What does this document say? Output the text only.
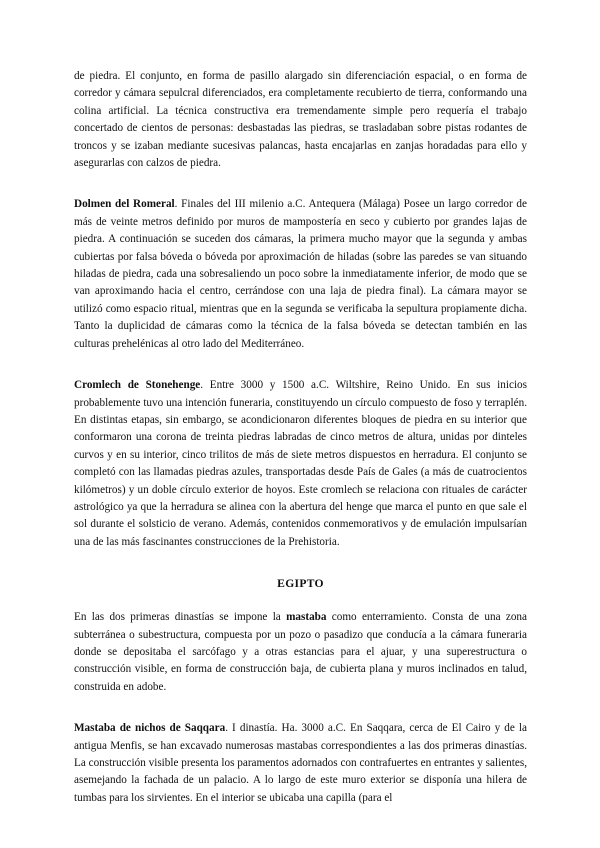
de piedra. El conjunto, en forma de pasillo alargado sin diferenciación espacial, o en forma de corredor y cámara sepulcral diferenciados, era completamente recubierto de tierra, conformando una colina artificial. La técnica constructiva era tremendamente simple pero requería el trabajo concertado de cientos de personas: desbastadas las piedras, se trasladaban sobre pistas rodantes de troncos y se izaban mediante sucesivas palancas, hasta encajarlas en zanjas horadadas para ello y asegurarlas con calzos de piedra.

Dolmen del Romeral. Finales del III milenio a.C. Antequera (Málaga) Posee un largo corredor de más de veinte metros definido por muros de mampostería en seco y cubierto por grandes lajas de piedra. A continuación se suceden dos cámaras, la primera mucho mayor que la segunda y ambas cubiertas por falsa bóveda o bóveda por aproximación de hiladas (sobre las paredes se van situando hiladas de piedra, cada una sobresaliendo un poco sobre la inmediatamente inferior, de modo que se van aproximando hacia el centro, cerrándose con una laja de piedra final). La cámara mayor se utilizó como espacio ritual, mientras que en la segunda se verificaba la sepultura propiamente dicha. Tanto la duplicidad de cámaras como la técnica de la falsa bóveda se detectan también en las culturas prehelénicas al otro lado del Mediterráneo.

Cromlech de Stonehenge. Entre 3000 y 1500 a.C. Wiltshire, Reino Unido. En sus inicios probablemente tuvo una intención funeraria, constituyendo un círculo compuesto de foso y terraplén. En distintas etapas, sin embargo, se acondicionaron diferentes bloques de piedra en su interior que conformaron una corona de treinta piedras labradas de cinco metros de altura, unidas por dinteles curvos y en su interior, cinco trilitos de más de siete metros dispuestos en herradura. El conjunto se completó con las llamadas piedras azules, transportadas desde País de Gales (a más de cuatrocientos kilómetros) y un doble círculo exterior de hoyos. Este cromlech se relaciona con rituales de carácter astrológico ya que la herradura se alinea con la abertura del henge que marca el punto en que sale el sol durante el solsticio de verano. Además, contenidos conmemorativos y de emulación impulsarían una de las más fascinantes construcciones de la Prehistoria.

EGIPTO

En las dos primeras dinastías se impone la mastaba como enterramiento. Consta de una zona subterránea o subestructura, compuesta por un pozo o pasadizo que conducía a la cámara funeraria donde se depositaba el sarcófago y a otras estancias para el ajuar, y una superestructura o construcción visible, en forma de construcción baja, de cubierta plana y muros inclinados en talud, construida en adobe.

Mastaba de nichos de Saqqara. I dinastía. Ha. 3000 a.C. En Saqqara, cerca de El Cairo y de la antigua Menfis, se han excavado numerosas mastabas correspondientes a las dos primeras dinastías. La construcción visible presenta los paramentos adornados con contrafuertes en entrantes y salientes, asemejando la fachada de un palacio. A lo largo de este muro exterior se disponía una hilera de tumbas para los sirvientes. En el interior se ubicaba una capilla (para el
